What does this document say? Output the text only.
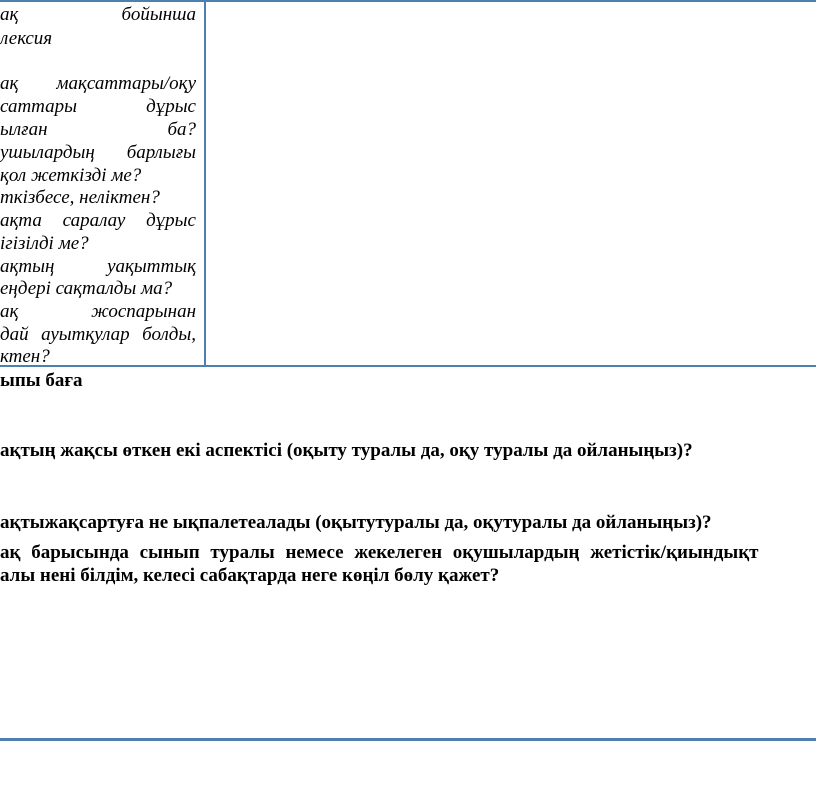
ақ бойынша
лексия
ақ мақсаттары/оқу
саттары дұрыс
ылған ба?
ушылардың барлығы
қол жеткізді ме?
ткізбесе, неліктен?
ақта саралау дұрыс
ігізілді ме?
ақтың уақыттық
еңдері сақталды ма?
ақ жоспарынан
дай ауытқулар болды,
ктен?
ыпы баға
ақтың жақсы өткен екі аспектісі (оқыту туралы да, оқу туралы да ойланыңыз)?
ақтыжақсартуға не ықпалетеалады (оқытутуралы да, оқутуралы да ойланыңыз)?
ақ барысында сынып туралы немесе жекелеген оқушылардың жетістік/қиындықт
алы нені білдім, келесі сабақтарда неге көңіл бөлу қажет?
